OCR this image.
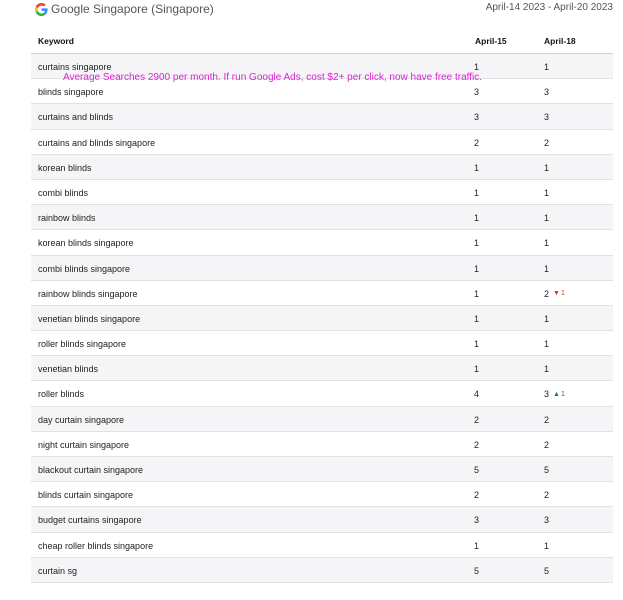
Google Singapore (Singapore)	April-14 2023 - April-20 2023
Keyword	April-15	April-18
curtains singapore	1	1
blinds singapore	3	3
curtains and blinds	3	3
curtains and blinds singapore	2	2
korean blinds	1	1
combi blinds	1	1
rainbow blinds	1	1
korean blinds singapore	1	1
combi blinds singapore	1	1
rainbow blinds singapore	1	2 ▼ 1
venetian blinds singapore	1	1
roller blinds singapore	1	1
venetian blinds	1	1
roller blinds	4	3 ▲ 1
day curtain singapore	2	2
night curtain singapore	2	2
blackout curtain singapore	5	5
blinds curtain singapore	2	2
budget curtains singapore	3	3
cheap roller blinds singapore	1	1
curtain sg	5	5
Average Searches 2900 per month. If run Google Ads, cost $2+ per click, now have free traffic.
